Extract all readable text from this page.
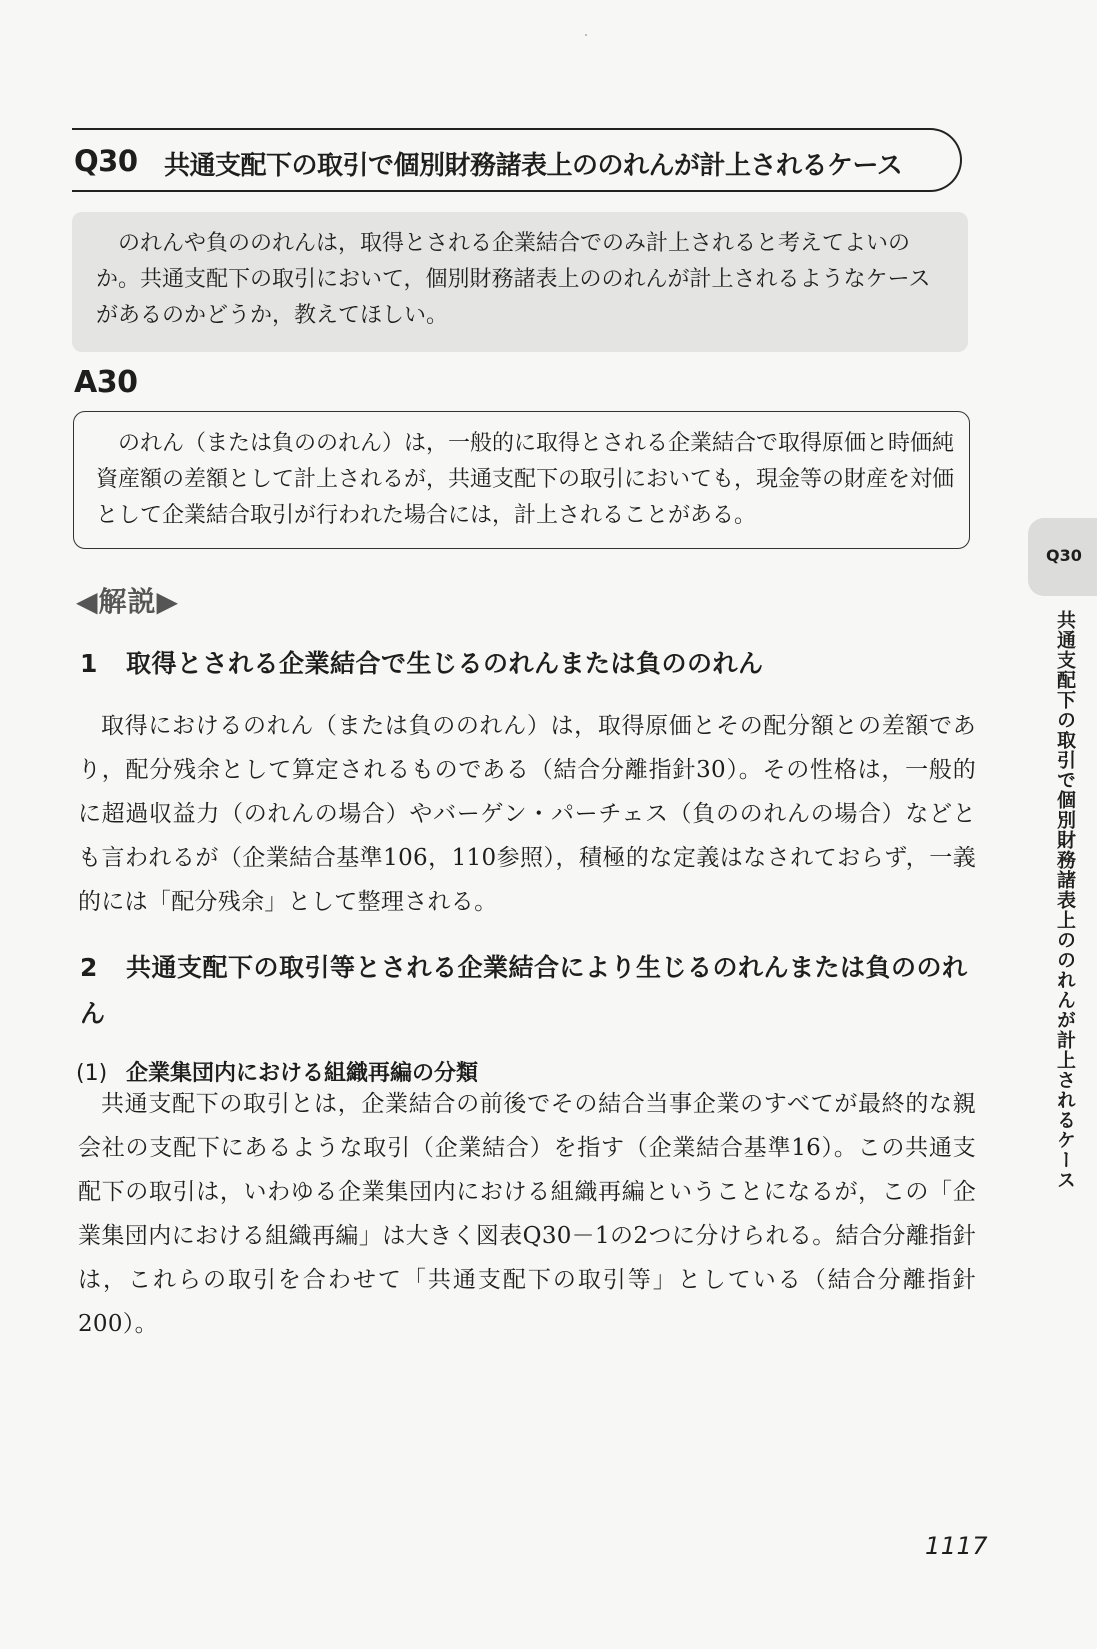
Q30 共通支配下の取引で個別財務諸表上ののれんが計上されるケース
のれんや負ののれんは，取得とされる企業結合でのみ計上されると考えてよいのか。共通支配下の取引において，個別財務諸表上ののれんが計上されるようなケースがあるのかどうか，教えてほしい。
A30
のれん（または負ののれん）は，一般的に取得とされる企業結合で取得原価と時価純資産額の差額として計上されるが，共通支配下の取引においても，現金等の財産を対価として企業結合取引が行われた場合には，計上されることがある。
◀解説▶
1 取得とされる企業結合で生じるのれんまたは負ののれん
取得におけるのれん（または負ののれん）は，取得原価とその配分額との差額であり，配分残余として算定されるものである（結合分離指針30）。その性格は，一般的に超過収益力（のれんの場合）やバーゲン・パーチェス（負ののれんの場合）などとも言われるが（企業結合基準106，110参照），積極的な定義はなされておらず，一義的には「配分残余」として整理される。
2 共通支配下の取引等とされる企業結合により生じるのれんまたは負ののれん
(1) 企業集団内における組織再編の分類
共通支配下の取引とは，企業結合の前後でその結合当事企業のすべてが最終的な親会社の支配下にあるような取引（企業結合）を指す（企業結合基準16）。この共通支配下の取引は，いわゆる企業集団内における組織再編ということになるが，この「企業集団内における組織再編」は大きく図表Q30－1の2つに分けられる。結合分離指針は，これらの取引を合わせて「共通支配下の取引等」としている（結合分離指針200）。
Q30
共通支配下の取引で個別財務諸表上ののれんが計上されるケース
1117
